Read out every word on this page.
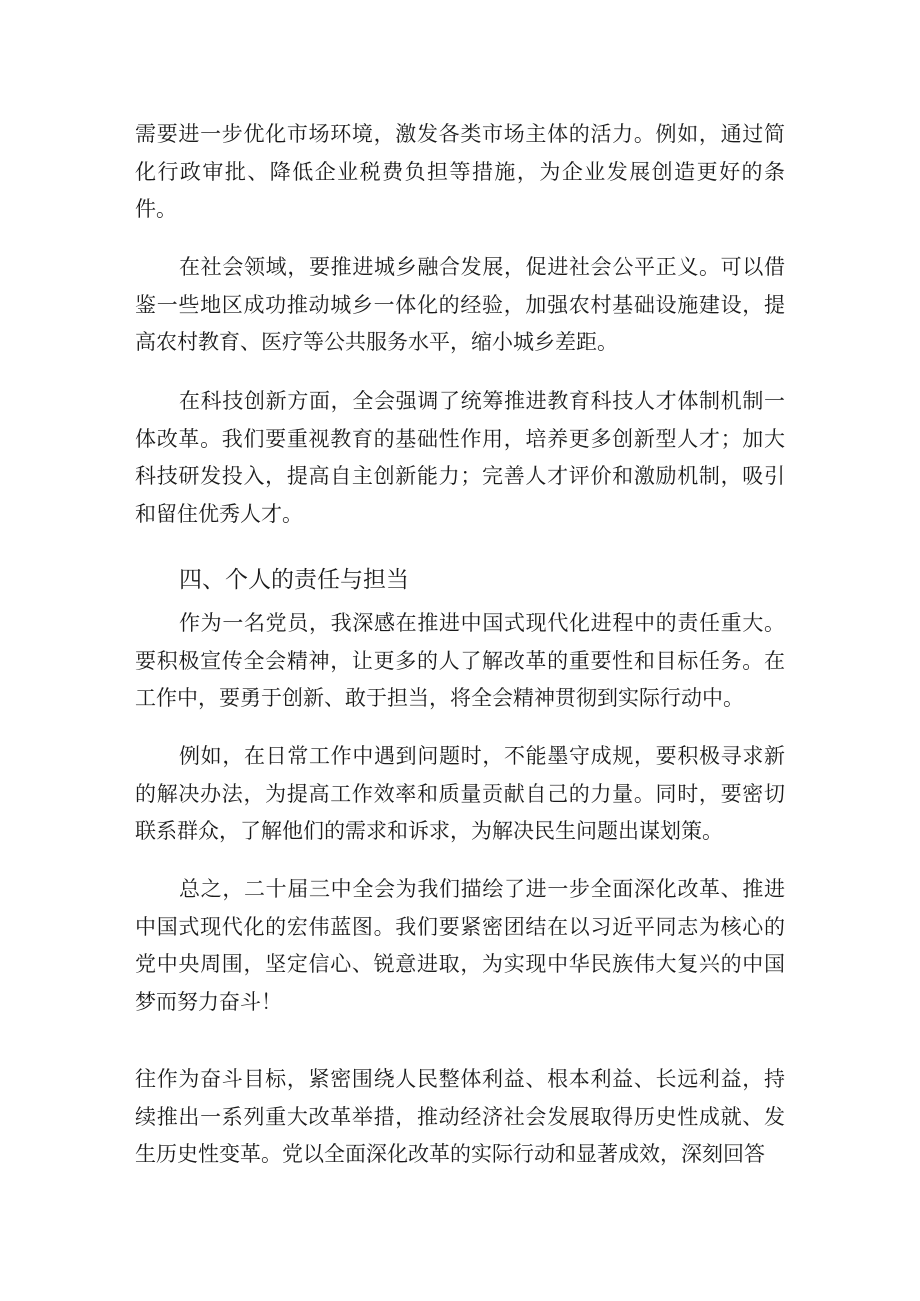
需要进一步优化市场环境，激发各类市场主体的活力。例如，通过简化行政审批、降低企业税费负担等措施，为企业发展创造更好的条件。

在社会领域，要推进城乡融合发展，促进社会公平正义。可以借鉴一些地区成功推动城乡一体化的经验，加强农村基础设施建设，提高农村教育、医疗等公共服务水平，缩小城乡差距。

在科技创新方面，全会强调了统筹推进教育科技人才体制机制一体改革。我们要重视教育的基础性作用，培养更多创新型人才；加大科技研发投入，提高自主创新能力；完善人才评价和激励机制，吸引和留住优秀人才。

四、个人的责任与担当

作为一名党员，我深感在推进中国式现代化进程中的责任重大。要积极宣传全会精神，让更多的人了解改革的重要性和目标任务。在工作中，要勇于创新、敢于担当，将全会精神贯彻到实际行动中。

例如，在日常工作中遇到问题时，不能墨守成规，要积极寻求新的解决办法，为提高工作效率和质量贡献自己的力量。同时，要密切联系群众，了解他们的需求和诉求，为解决民生问题出谋划策。

总之，二十届三中全会为我们描绘了进一步全面深化改革、推进中国式现代化的宏伟蓝图。我们要紧密团结在以习近平同志为核心的党中央周围，坚定信心、锐意进取，为实现中华民族伟大复兴的中国梦而努力奋斗！

往作为奋斗目标，紧密围绕人民整体利益、根本利益、长远利益，持续推出一系列重大改革举措，推动经济社会发展取得历史性成就、发生历史性变革。党以全面深化改革的实际行动和显著成效，深刻回答
